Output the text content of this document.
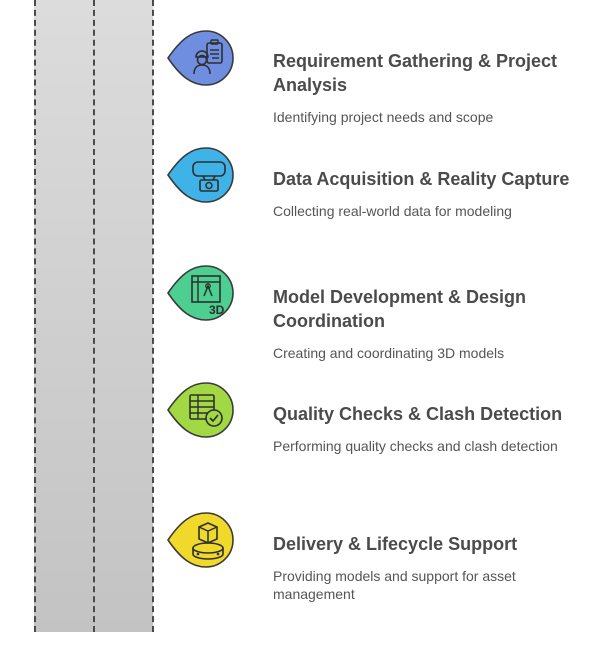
Requirement Gathering & Project Analysis
Identifying project needs and scope
Data Acquisition & Reality Capture
Collecting real-world data for modeling
3D
Model Development & Design Coordination
Creating and coordinating 3D models
Quality Checks & Clash Detection
Performing quality checks and clash detection
Delivery & Lifecycle Support
Providing models and support for asset management
